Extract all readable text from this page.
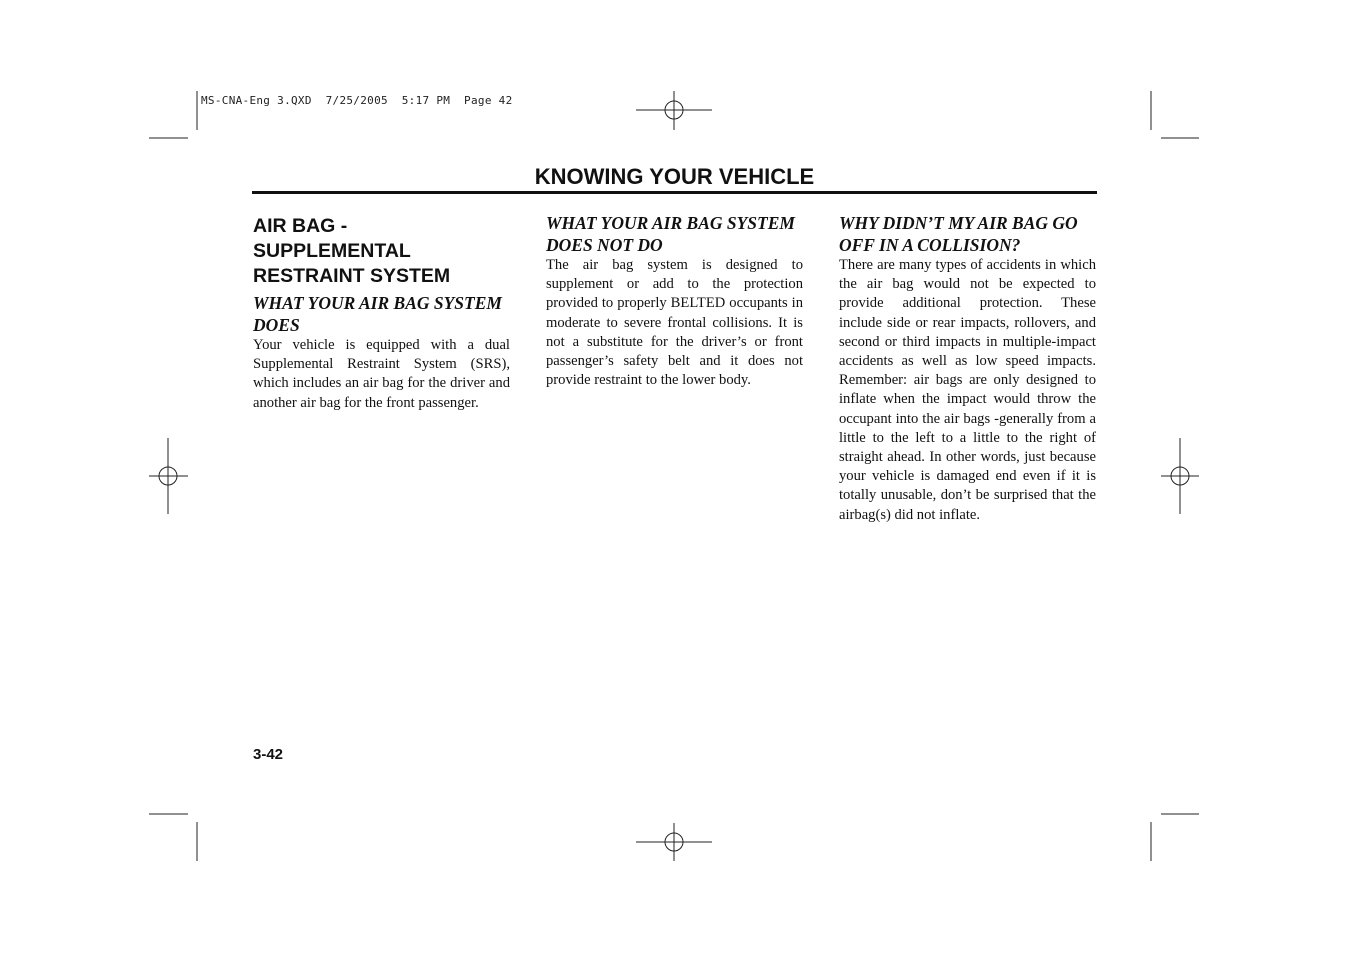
MS-CNA-Eng 3.QXD  7/25/2005  5:17 PM  Page 42
KNOWING YOUR VEHICLE
AIR BAG - SUPPLEMENTAL RESTRAINT SYSTEM
WHAT YOUR AIR BAG SYSTEM DOES

Your vehicle is equipped with a dual Supplemental Restraint System (SRS), which includes an air bag for the driver and another air bag for the front passenger.

WHAT YOUR AIR BAG SYSTEM DOES NOT DO

The air bag system is designed to supplement or add to the protection provided to properly BELTED occupants in moderate to severe frontal collisions. It is not a substitute for the driver’s or front passenger’s safety belt and it does not provide restraint to the lower body.

WHY DIDN’T MY AIR BAG GO OFF IN A COLLISION?

There are many types of accidents in which the air bag would not be expected to provide additional protection. These include side or rear impacts, rollovers, and second or third impacts in multiple-impact accidents as well as low speed impacts. Remember: air bags are only designed to inflate when the impact would throw the occupant into the air bags -generally from a little to the left to a little to the right of straight ahead. In other words, just because your vehicle is damaged end even if it is totally unusable, don’t be surprised that the airbag(s) did not inflate.

3-42
